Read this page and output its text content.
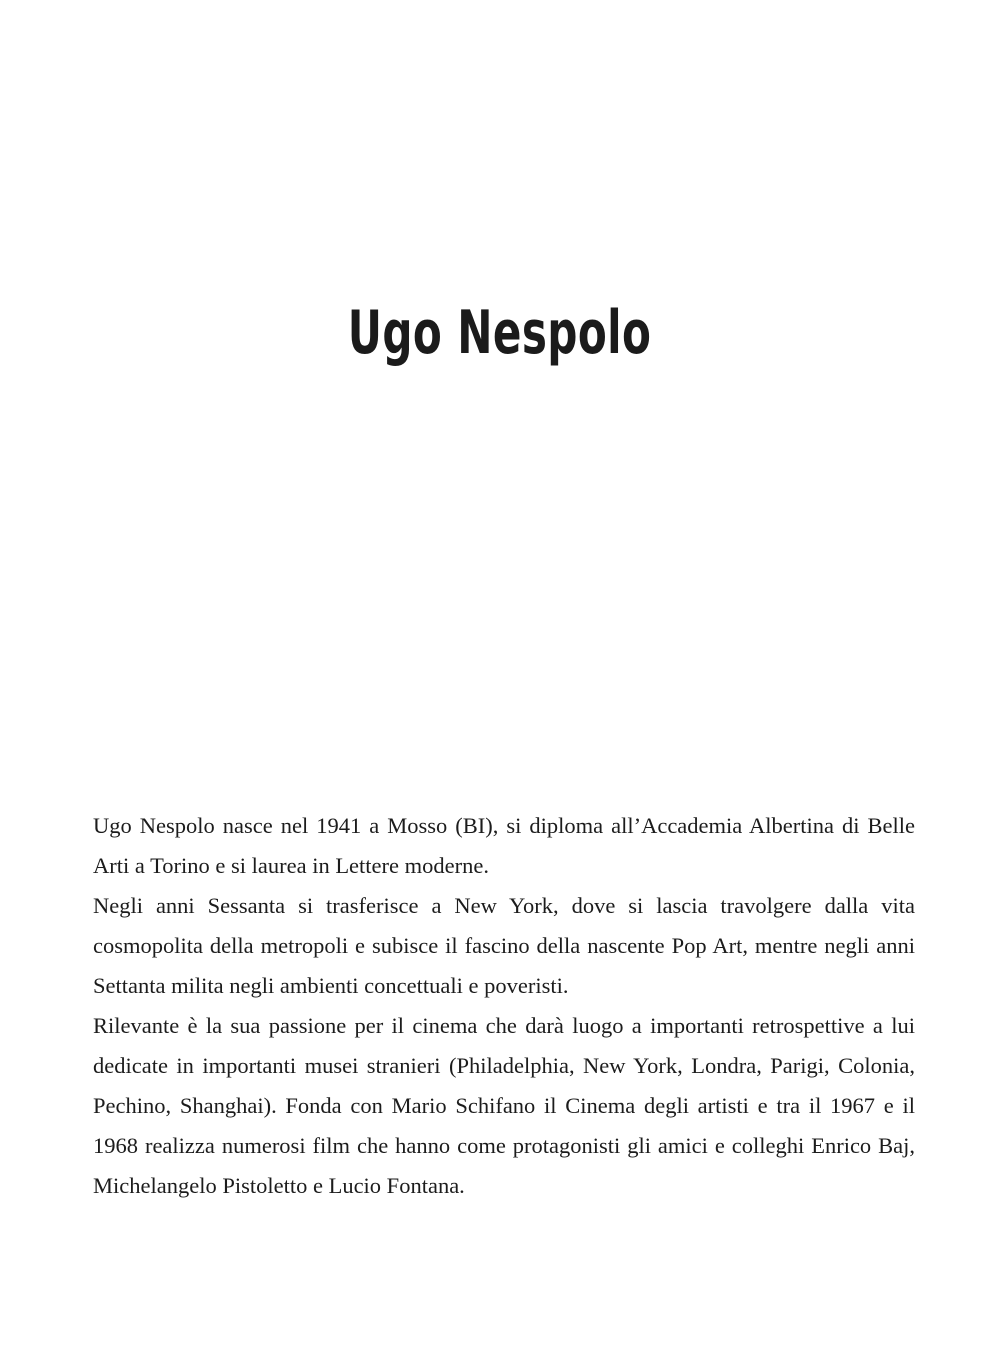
Ugo Nespolo

Ugo Nespolo nasce nel 1941 a Mosso (BI), si diploma all’Accademia Albertina di Belle Arti a Torino e si laurea in Lettere moderne.

Negli anni Sessanta si trasferisce a New York, dove si lascia travolgere dalla vita cosmopolita della metropoli e subisce il fascino della nascente Pop Art, mentre negli anni Settanta milita negli ambienti concettuali e poveristi.

Rilevante è la sua passione per il cinema che darà luogo a importanti retrospettive a lui dedicate in importanti musei stranieri (Philadelphia, New York, Londra, Parigi, Colonia, Pechino, Shanghai). Fonda con Mario Schifano il Cinema degli artisti e tra il 1967 e il 1968 realizza numerosi film che hanno come protagonisti gli amici e colleghi Enrico Baj, Michelangelo Pistoletto e Lucio Fontana.
